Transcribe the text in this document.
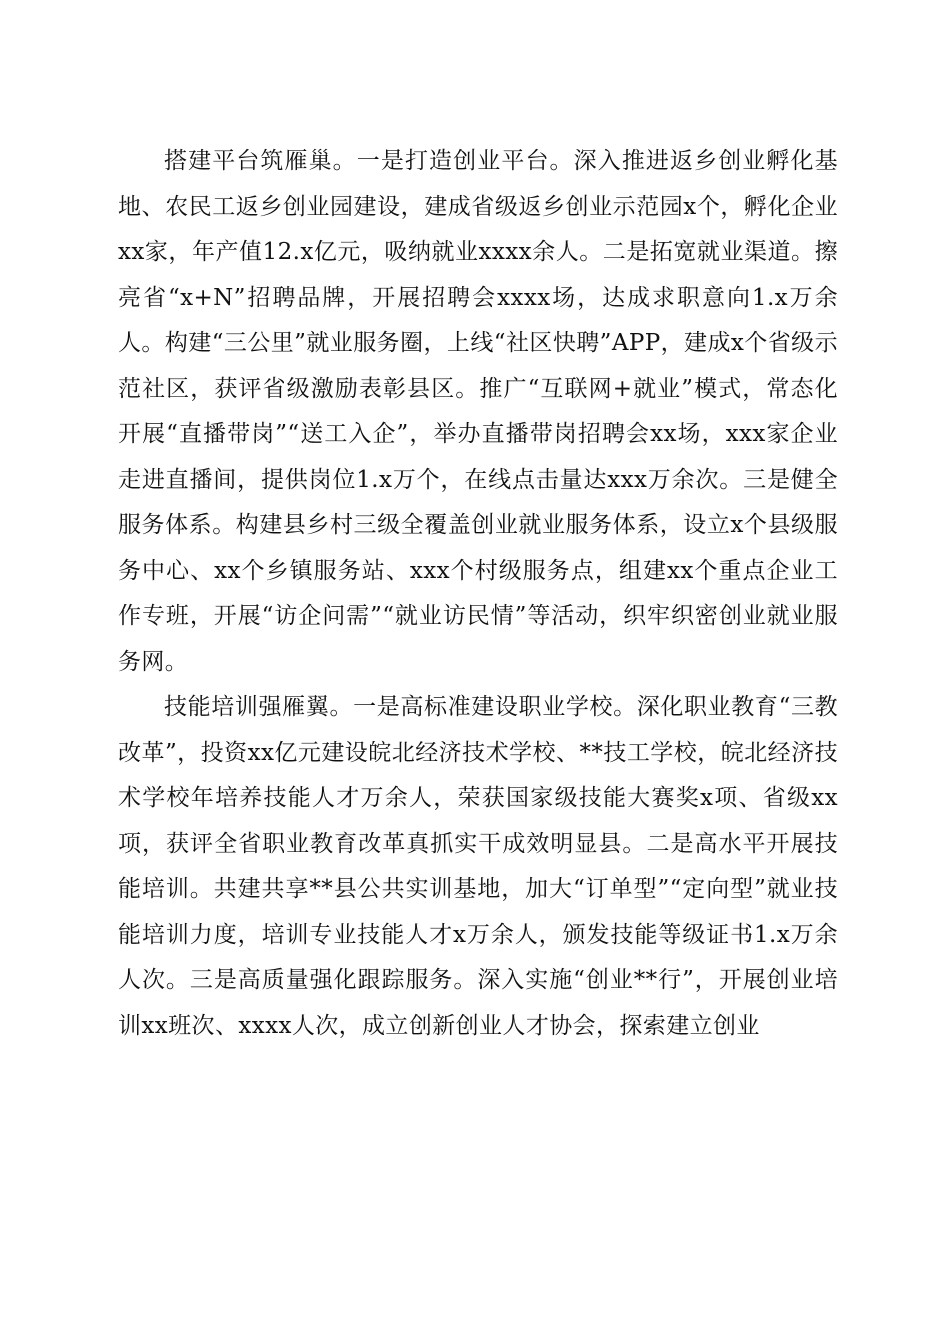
搭建平台筑雁巢。一是打造创业平台。深入推进返乡创业孵化基地、农民工返乡创业园建设，建成省级返乡创业示范园x个，孵化企业xx家，年产值12.x亿元，吸纳就业xxxx余人。二是拓宽就业渠道。擦亮省“x+N”招聘品牌，开展招聘会xxxx场，达成求职意向1.x万余人。构建“三公里”就业服务圈，上线“社区快聘”APP，建成x个省级示范社区，获评省级激励表彰县区。推广“互联网+就业”模式，常态化开展“直播带岗”“送工入企”，举办直播带岗招聘会xx场，xxx家企业走进直播间，提供岗位1.x万个，在线点击量达xxx万余次。三是健全服务体系。构建县乡村三级全覆盖创业就业服务体系，设立x个县级服务中心、xx个乡镇服务站、xxx个村级服务点，组建xx个重点企业工作专班，开展“访企问需”“就业访民情”等活动，织牢织密创业就业服务网。

技能培训强雁翼。一是高标准建设职业学校。深化职业教育“三教改革”，投资xx亿元建设皖北经济技术学校、**技工学校，皖北经济技术学校年培养技能人才万余人，荣获国家级技能大赛奖x项、省级xx项，获评全省职业教育改革真抓实干成效明显县。二是高水平开展技能培训。共建共享**县公共实训基地，加大“订单型”“定向型”就业技能培训力度，培训专业技能人才x万余人，颁发技能等级证书1.x万余人次。三是高质量强化跟踪服务。深入实施“创业**行”，开展创业培训xx班次、xxxx人次，成立创新创业人才协会，探索建立创业
